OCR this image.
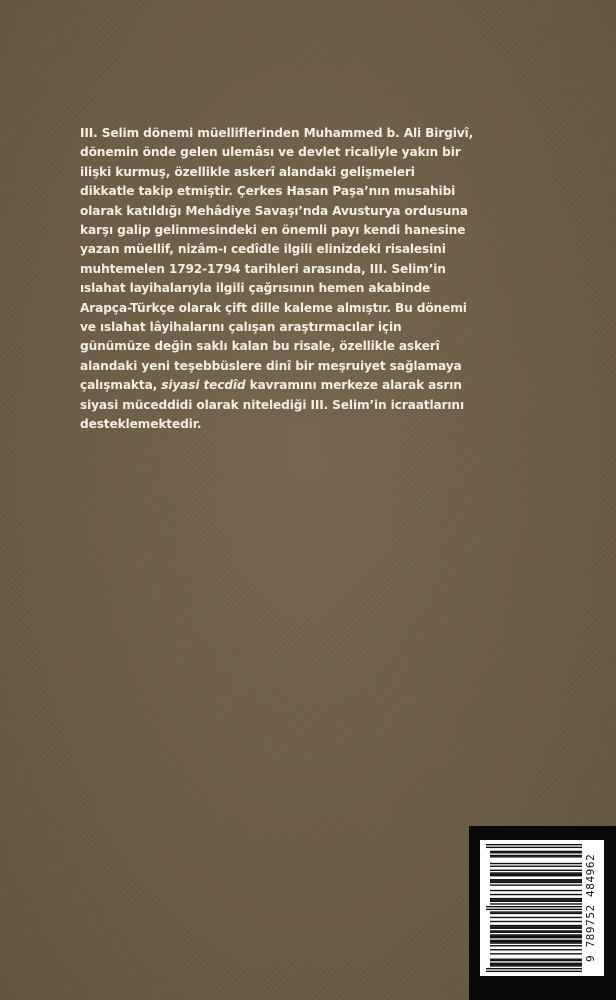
III. Selim dönemi müelliflerinden Muhammed b. Ali Birgivî,
dönemin önde gelen ulemâsı ve devlet ricaliyle yakın bir
ilişki kurmuş, özellikle askerî alandaki gelişmeleri
dikkatle takip etmiştir. Çerkes Hasan Paşa’nın musahibi
olarak katıldığı Mehâdiye Savaşı’nda Avusturya ordusuna
karşı galip gelinmesindeki en önemli payı kendi hanesine
yazan müellif, nizâm-ı cedîdle ilgili elinizdeki risalesini
muhtemelen 1792-1794 tarihleri arasında, III. Selim’in
ıslahat layihalarıyla ilgili çağrısının hemen akabinde
Arapça-Türkçe olarak çift dille kaleme almıştır. Bu dönemi
ve ıslahat lâyihalarını çalışan araştırmacılar için
günümüze değin saklı kalan bu risale, özellikle askerî
alandaki yeni teşebbüslere dinî bir meşruiyet sağlamaya
çalışmakta, siyasi tecdîd kavramını merkeze alarak asrın
siyasi müceddidi olarak nitelediği III. Selim’in icraatlarını
desteklemektedir.

9 789752 484962
